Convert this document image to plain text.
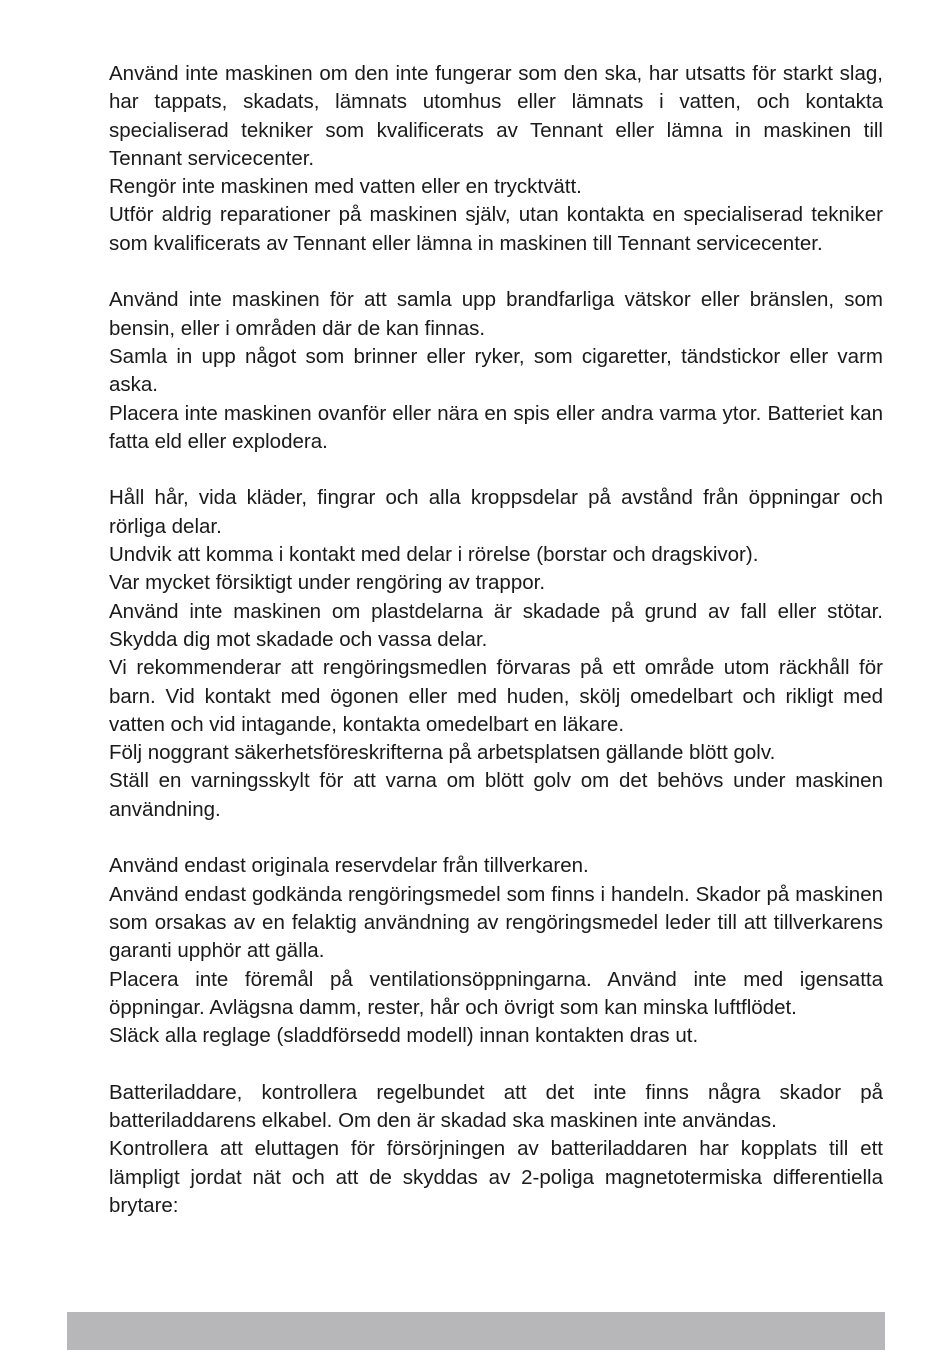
Använd inte maskinen om den inte fungerar som den ska, har utsatts för starkt slag, har tappats, skadats, lämnats utomhus eller lämnats i vatten, och kontakta specialiserad tekniker som kvalificerats av Tennant eller lämna in maskinen till Tennant servicecenter.

Rengör inte maskinen med vatten eller en trycktvätt.

Utför aldrig reparationer på maskinen själv, utan kontakta en specialiserad tekniker som kvalificerats av Tennant eller lämna in maskinen till Tennant servicecenter.

Använd inte maskinen för att samla upp brandfarliga vätskor eller bränslen, som bensin, eller i områden där de kan finnas.

Samla in upp något som brinner eller ryker, som cigaretter, tändstickor eller varm aska.

Placera inte maskinen ovanför eller nära en spis eller andra varma ytor. Batteriet kan fatta eld eller explodera.

Håll hår, vida kläder, fingrar och alla kroppsdelar på avstånd från öppningar och rörliga delar.

Undvik att komma i kontakt med delar i rörelse (borstar och dragskivor).

Var mycket försiktigt under rengöring av trappor.

Använd inte maskinen om plastdelarna är skadade på grund av fall eller stötar. Skydda dig mot skadade och vassa delar.

Vi rekommenderar att rengöringsmedlen förvaras på ett område utom räckhåll för barn. Vid kontakt med ögonen eller med huden, skölj omedelbart och rikligt med vatten och vid intagande, kontakta omedelbart en läkare.

Följ noggrant säkerhetsföreskrifterna på arbetsplatsen gällande blött golv.

Ställ en varningsskylt för att varna om blött golv om det behövs under maskinen användning.

Använd endast originala reservdelar från tillverkaren.

Använd endast godkända rengöringsmedel som finns i handeln. Skador på maskinen som orsakas av en felaktig användning av rengöringsmedel leder till att tillverkarens garanti upphör att gälla.

Placera inte föremål på ventilationsöppningarna. Använd inte med igensatta öppningar. Avlägsna damm, rester, hår och övrigt som kan minska luftflödet.

Släck alla reglage (sladdförsedd modell) innan kontakten dras ut.

Batteriladdare, kontrollera regelbundet att det inte finns några skador på batteriladdarens elkabel. Om den är skadad ska maskinen inte användas.

Kontrollera att eluttagen för försörjningen av batteriladdaren har kopplats till ett lämpligt jordat nät och att de skyddas av 2-poliga magnetotermiska differentiella brytare:
